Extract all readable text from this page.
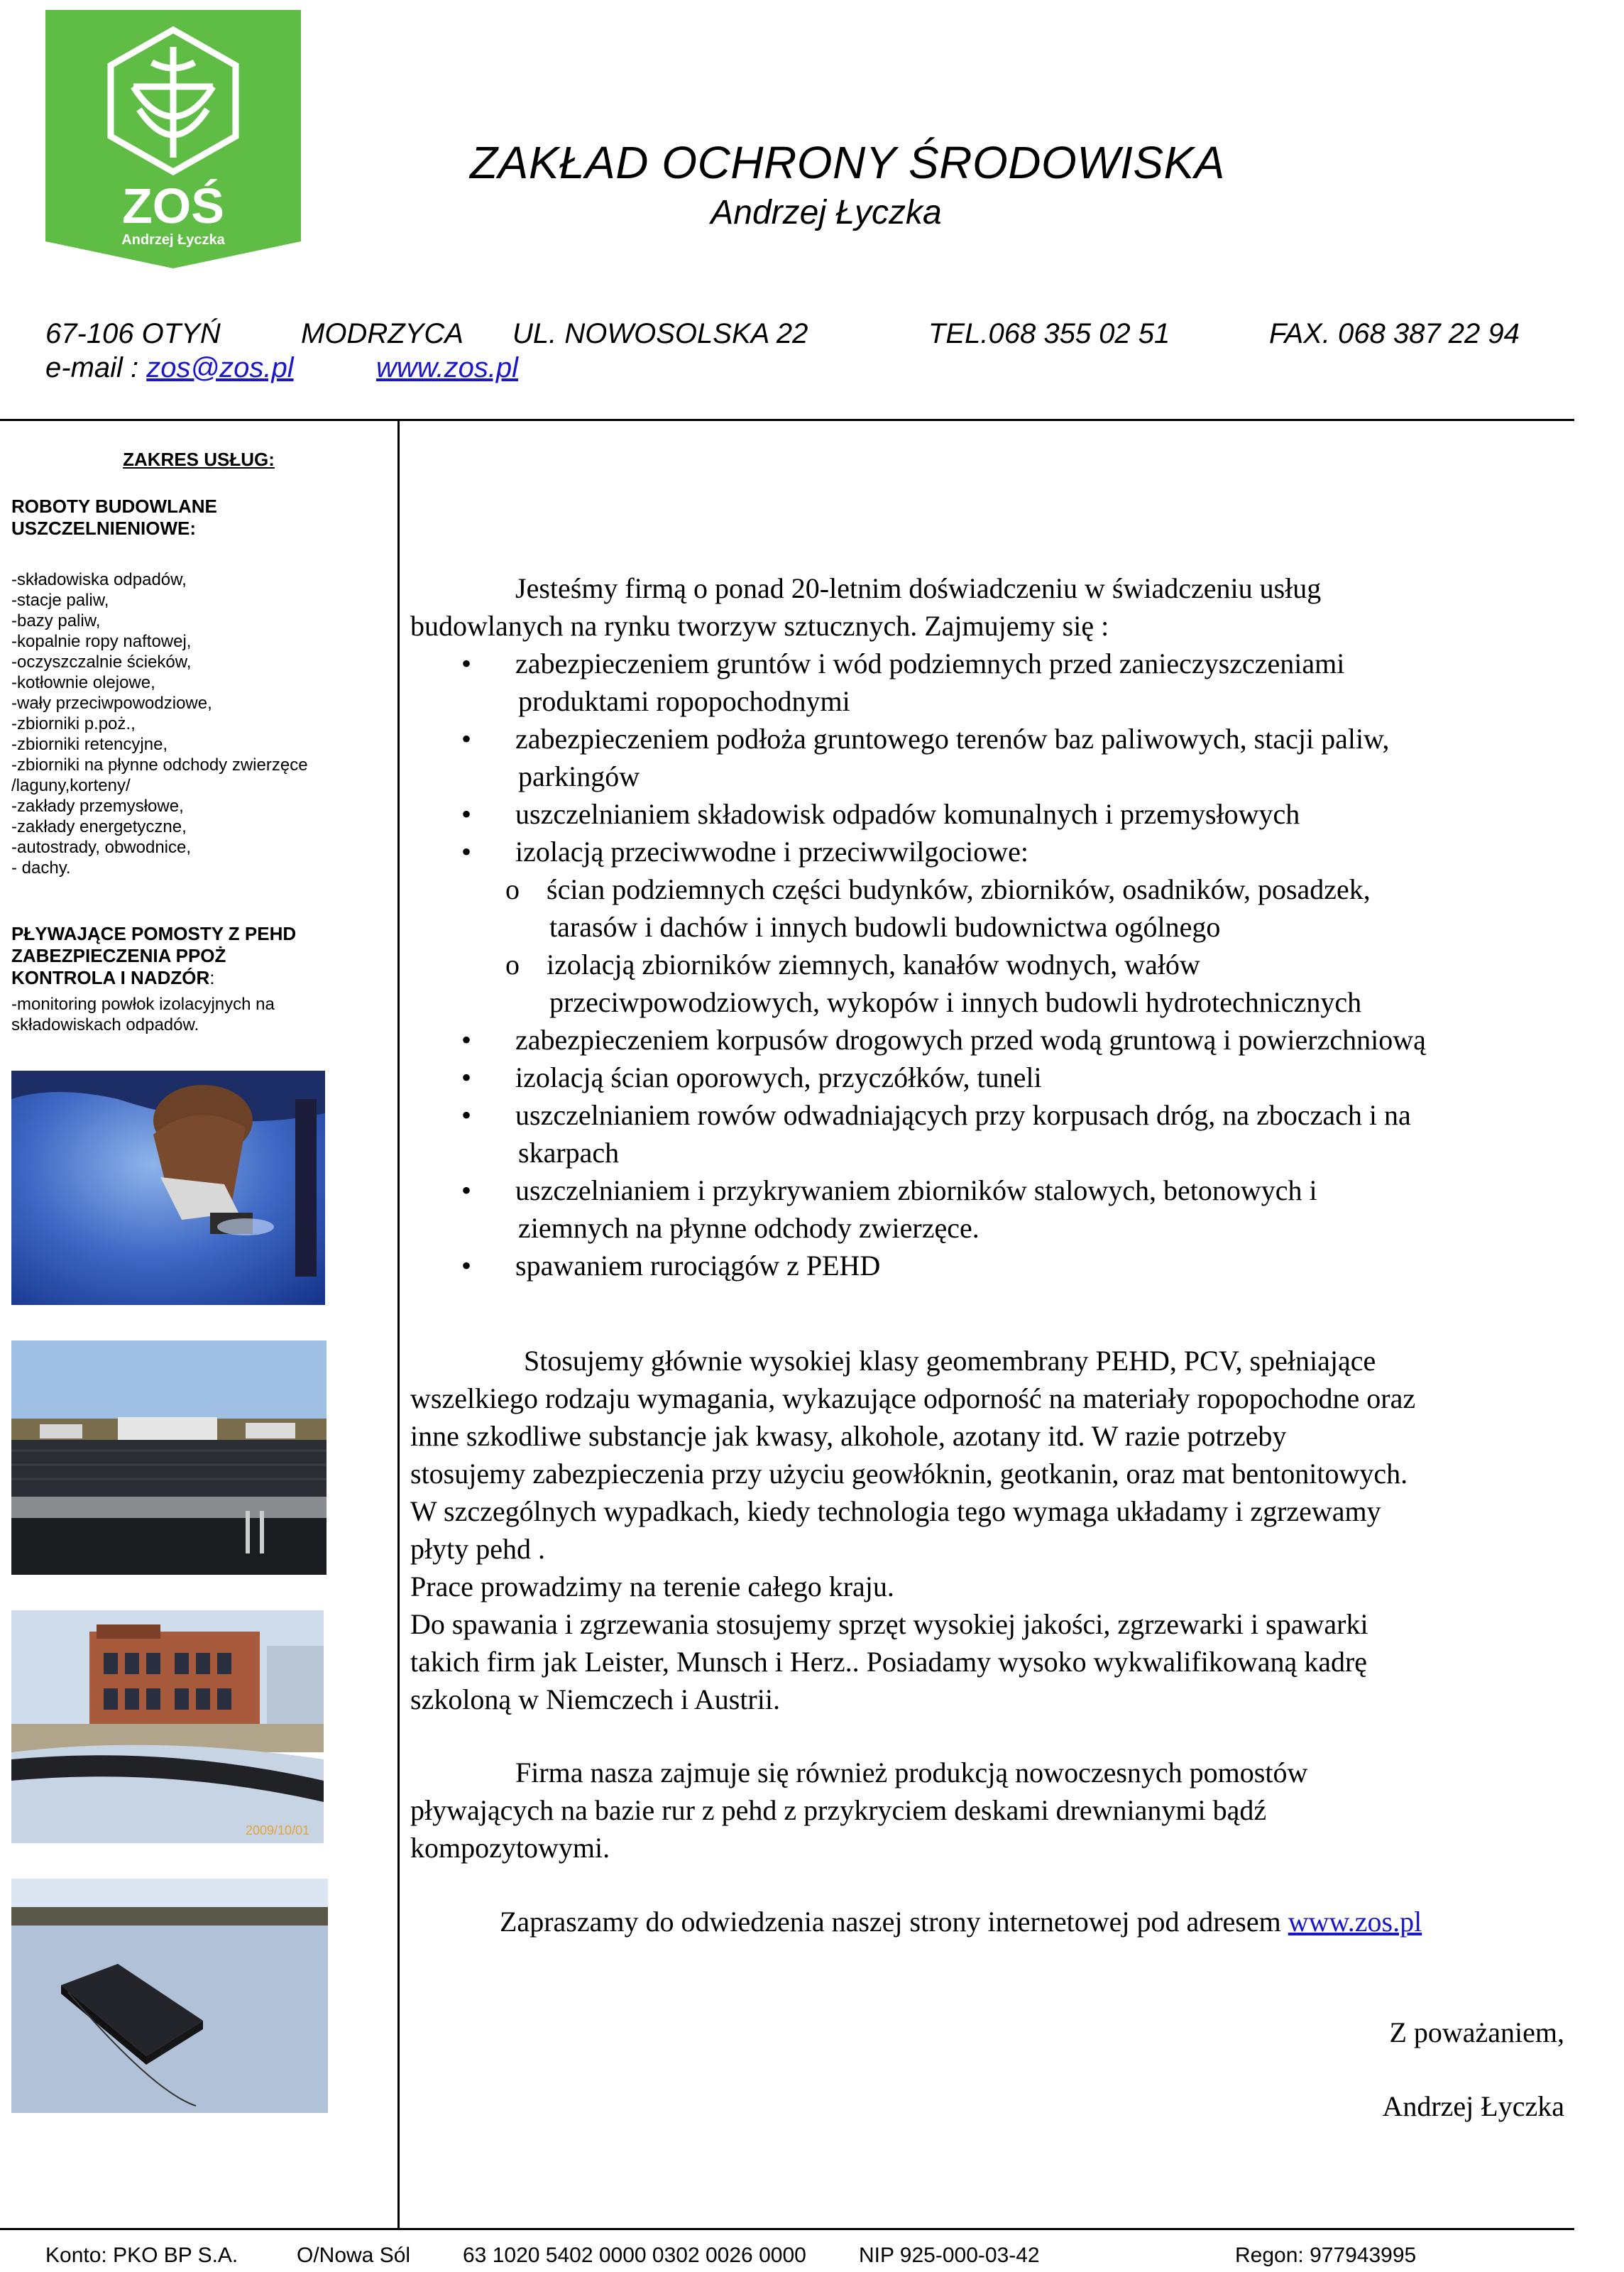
ZOŚ
Andrzej Łyczka
ZAKŁAD OCHRONY ŚRODOWISKA
Andrzej Łyczka
67-106 OTYŃ	MODRZYCA UL. NOWOSOLSKA 22	TEL.068 355 02 51	FAX. 068 387 22 94
e-mail : zos@zos.pl	www.zos.pl
ZAKRES USŁUG:
ROBOTY BUDOWLANE
USZCZELNIENIOWE:
-składowiska odpadów,
-stacje paliw,
-bazy paliw,
-kopalnie ropy naftowej,
-oczyszczalnie ścieków,
-kotłownie olejowe,
-wały przeciwpowodziowe,
-zbiorniki p.poż.,
-zbiorniki retencyjne,
-zbiorniki na płynne odchody zwierzęce
/laguny,korteny/
-zakłady przemysłowe,
-zakłady energetyczne,
-autostrady, obwodnice,
- dachy.
PŁYWAJĄCE POMOSTY Z PEHD
ZABEZPIECZENIA PPOŻ
KONTROLA I NADZÓR:
-monitoring powłok izolacyjnych na
składowiskach odpadów.
2009/10/01

Jesteśmy firmą o ponad 20-letnim doświadczeniu w świadczeniu usług

budowlanych na rynku tworzyw sztucznych. Zajmujemy się :

• zabezpieczeniem gruntów i wód podziemnych przed zanieczyszczeniami
produktami ropopochodnymi
• zabezpieczeniem podłoża gruntowego terenów baz paliwowych, stacji paliw,
parkingów
• uszczelnianiem składowisk odpadów komunalnych i przemysłowych
• izolacją przeciwwodne i przeciwwilgociowe:
o ścian podziemnych części budynków, zbiorników, osadników, posadzek,
tarasów i dachów i innych budowli budownictwa ogólnego
o izolacją zbiorników ziemnych, kanałów wodnych, wałów
przeciwpowodziowych, wykopów i innych budowli hydrotechnicznych
• zabezpieczeniem korpusów drogowych przed wodą gruntową i powierzchniową
• izolacją ścian oporowych, przyczółków, tuneli
• uszczelnianiem rowów odwadniających przy korpusach dróg, na zboczach i na
skarpach
• uszczelnianiem i przykrywaniem zbiorników stalowych, betonowych i
ziemnych na płynne odchody zwierzęce.
• spawaniem rurociągów z PEHD

Stosujemy głównie wysokiej klasy geomembrany PEHD, PCV, spełniające

wszelkiego rodzaju wymagania, wykazujące odporność na materiały ropopochodne oraz

inne szkodliwe substancje jak kwasy, alkohole, azotany itd. W razie potrzeby

stosujemy zabezpieczenia przy użyciu geowłóknin, geotkanin, oraz mat bentonitowych.

W szczególnych wypadkach, kiedy technologia tego wymaga układamy i zgrzewamy

płyty pehd .

Prace prowadzimy na terenie całego kraju.

Do spawania i zgrzewania stosujemy sprzęt wysokiej jakości, zgrzewarki i spawarki

takich firm jak Leister, Munsch i Herz.. Posiadamy wysoko wykwalifikowaną kadrę

szkoloną w Niemczech i Austrii.

Firma nasza zajmuje się również produkcją nowoczesnych pomostów

pływających na bazie rur z pehd z przykryciem deskami drewnianymi bądź

kompozytowymi.

Zapraszamy do odwiedzenia naszej strony internetowej pod adresem www.zos.pl
Z poważaniem,
Andrzej Łyczka
Konto: PKO BP S.A.	O/Nowa Sól 63 1020 5402 0000 0302 0026 0000 NIP 925-000-03-42	Regon: 977943995
